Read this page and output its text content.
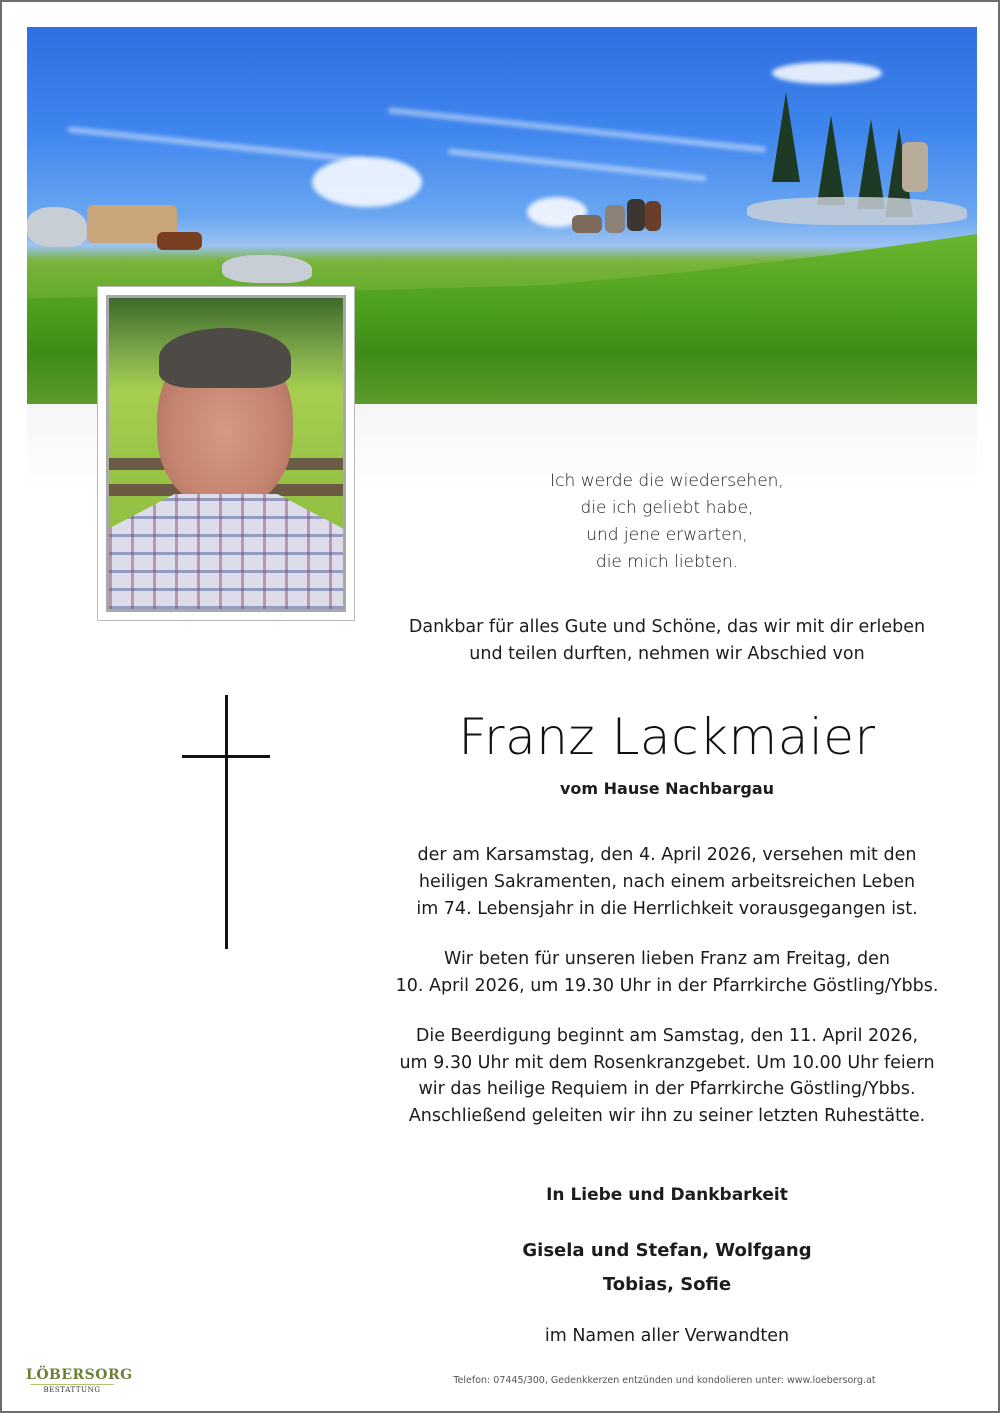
Ich werde die wiedersehen,
die ich geliebt habe,
und jene erwarten,
die mich liebten.
Dankbar für alles Gute und Schöne, das wir mit dir erleben
und teilen durften, nehmen wir Abschied von
Franz Lackmaier
vom Hause Nachbargau
der am Karsamstag, den 4. April 2026, versehen mit den
heiligen Sakramenten, nach einem arbeitsreichen Leben
im 74. Lebensjahr in die Herrlichkeit vorausgegangen ist.
Wir beten für unseren lieben Franz am Freitag, den
10. April 2026, um 19.30 Uhr in der Pfarrkirche Göstling/Ybbs.
Die Beerdigung beginnt am Samstag, den 11. April 2026,
um 9.30 Uhr mit dem Rosenkranzgebet. Um 10.00 Uhr feiern
wir das heilige Requiem in der Pfarrkirche Göstling/Ybbs.
Anschließend geleiten wir ihn zu seiner letzten Ruhestätte.
In Liebe und Dankbarkeit
Gisela und Stefan, Wolfgang
Tobias, Sofie
im Namen aller Verwandten
LÖBERSORG
BESTATTUNG
Telefon: 07445/300, Gedenkkerzen entzünden und kondolieren unter: www.loebersorg.at
